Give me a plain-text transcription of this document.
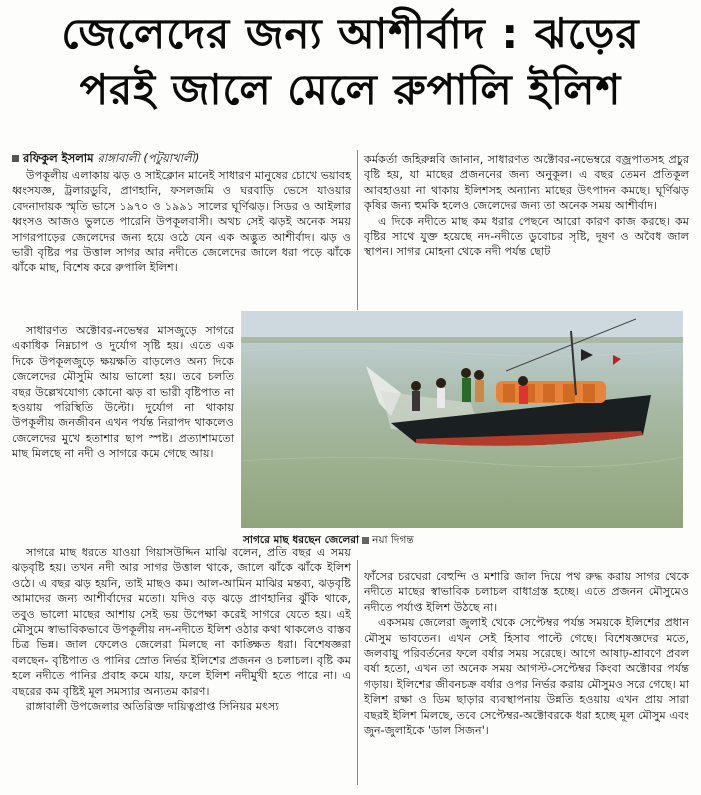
জেলেদের জন্য আশীর্বাদ : ঝড়ের
পরই জালে মেলে রুপালি ইলিশ
রফিকুল ইসলাম রাঙ্গাবালী (পটুয়াখালী)

উপকূলীয় এলাকায় ঝড় ও সাইক্লোন মানেই সাধারণ মানুষের চোখে ভয়াবহ ধ্বংসযজ্ঞ, ট্রলারডুবি, প্রাণহানি, ফসলজমি ও ঘরবাড়ি ভেসে যাওয়ার বেদনাদায়ক স্মৃতি ভাসে ১৯৭০ ও ১৯৯১ সালের ঘূর্ণিঝড়। সিডর ও আইলার ধ্বংসও আজও ভুলতে পারেনি উপকূলবাসী। অথচ সেই ঝড়ই অনেক সময় সাগরপাড়ের জেলেদের জন্য হয়ে ওঠে যেন এক অদ্ভুত আশীর্বাদ। ঝড় ও ভারী বৃষ্টির পর উত্তাল সাগর আর নদীতে জেলেদের জালে ধরা পড়ে ঝাঁকে ঝাঁকে মাছ, বিশেষ করে রুপালি ইলিশ।

সাধারণত অক্টোবর-নভেম্বর মাসজুড়ে সাগরে একাধিক নিম্নচাপ ও দুর্যোগ সৃষ্টি হয়। এতে এক দিকে উপকূলজুড়ে ক্ষয়ক্ষতি বাড়লেও অন্য দিকে জেলেদের মৌসুমি আয় ভালো হয়। তবে চলতি বছর উল্লেখযোগ্য কোনো ঝড় বা ভারী বৃষ্টিপাত না হওয়ায় পরিস্থিতি উল্টো। দুর্যোগ না থাকায় উপকূলীয় জনজীবন এখন পর্যন্ত নিরাপদ থাকলেও জেলেদের মুখে হতাশার ছাপ স্পষ্ট। প্রত্যাশামতো মাছ মিলছে না নদী ও সাগরে কমে গেছে আয়।

সাগরে মাছ ধরতে যাওয়া গিয়াসউদ্দিন মাঝি বলেন, প্রতি বছর এ সময় ঝড়বৃষ্টি হয়। তখন নদী আর সাগর উত্তাল থাকে, জালে ঝাঁকে ঝাঁকে ইলিশ ওঠে। এ বছর ঝড় হয়নি, তাই মাছও কম। আল-আমিন মাঝির মন্তব্য, ঝড়বৃষ্টি আমাদের জন্য আশীর্বাদের মতো। যদিও বড় ঝড়ে প্রাণহানির ঝুঁকি থাকে, তবুও ভালো মাছের আশায় সেই ভয় উপেক্ষা করেই সাগরে যেতে হয়। এই মৌসুমে স্বাভাবিকভাবে উপকূলীয় নদ-নদীতে ইলিশ ওঠার কথা থাকলেও বাস্তব চিত্র ভিন্ন। জাল ফেলেও জেলেরা মিলছে না কাঙ্ক্ষিত ধরা। বিশেষজ্ঞরা বলছেন- বৃষ্টিপাত ও পানির স্রোত নির্ভর ইলিশের প্রজনন ও চলাচল। বৃষ্টি কম হলে নদীতে পানির প্রবাহ কমে যায়, ফলে ইলিশ নদীমুখী হতে পারে না। এ বছরের কম বৃষ্টিই মূল সমস্যার অন্যতম কারণ।

রাঙ্গাবালী উপজেলার অতিরিক্ত দায়িত্বপ্রাপ্ত সিনিয়র মৎস্য

কর্মকর্তা জহিরুন্নবি জানান, সাধারণত অক্টোবর-নভেম্বরে বজ্রপাতসহ প্রচুর বৃষ্টি হয়, যা মাছের প্রজননের জন্য অনুকূল। এ বছর তেমন প্রতিকূল আবহাওয়া না থাকায় ইলিশসহ অন্যান্য মাছের উৎপাদন কমছে। ঘূর্ণিঝড় কৃষির জন্য হুমকি হলেও জেলেদের জন্য তা অনেক সময় আশীর্বাদ।

এ দিকে নদীতে মাছ কম ধরার পেছনে আরো কারণ কাজ করছে। কম বৃষ্টির সাথে যুক্ত হয়েছে নদ-নদীতে ডুবোচর সৃষ্টি, দূষণ ও অবৈধ জাল স্থাপন। সাগর মোহনা থেকে নদী পর্যন্ত ছোট

সাগরে মাছ ধরছেন জেলেরা নয়া দিগন্ত

ফাঁসের চরঘেরা বেহুন্দি ও মশারি জাল দিয়ে পথ রুদ্ধ করায় সাগর থেকে নদীতে মাছের স্বাভাবিক চলাচল বাধাগ্রস্ত হচ্ছে। এতে প্রজনন মৌসুমেও নদীতে পর্যাপ্ত ইলিশ উঠছে না।

একসময় জেলেরা জুলাই থেকে সেপ্টেম্বর পর্যন্ত সময়কে ইলিশের প্রধান মৌসুম ভাবতেন। এখন সেই হিসাব পাল্টে গেছে। বিশেষজ্ঞদের মতে, জলবায়ু পরিবর্তনের ফলে বর্ষার সময় সরেছে। আগে আষাঢ়-শ্রাবণে প্রবল বর্ষা হতো, এখন তা অনেক সময় আগস্ট-সেপ্টেম্বর কিংবা অক্টোবর পর্যন্ত গড়ায়। ইলিশের জীবনচক্র বর্ষার ওপর নির্ভর করায় মৌসুমও সরে গেছে। মা ইলিশ রক্ষা ও ডিম ছাড়ার ব্যবস্থাপনায় উন্নতি হওয়ায় এখন প্রায় সারা বছরই ইলিশ মিলছে, তবে সেপ্টেম্বর-অক্টোবরকে ধরা হচ্ছে মূল মৌসুম এবং জুন-জুলাইকে 'ডাল সিজন'।
